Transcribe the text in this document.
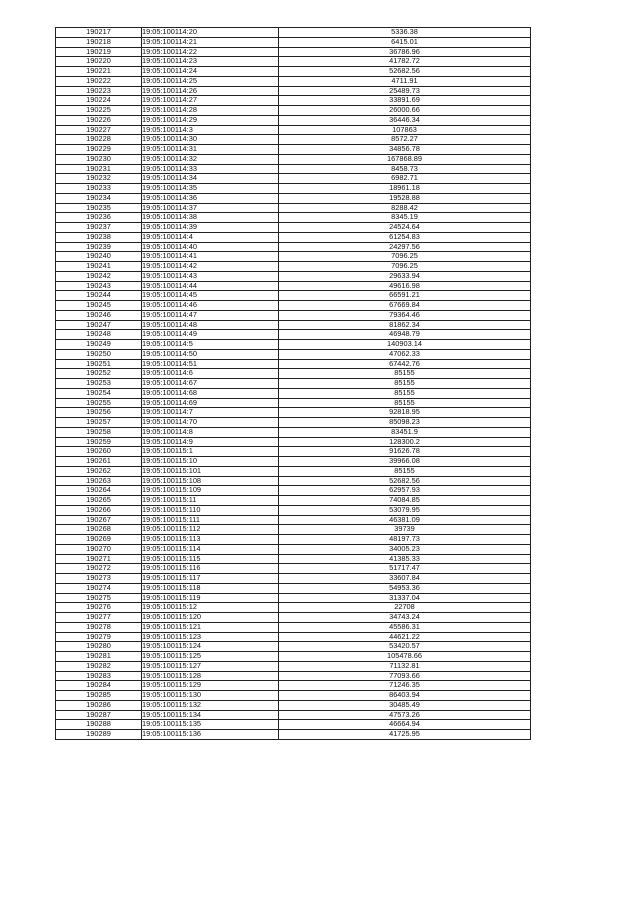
190217	19:05:100114:20	5336.38
190218	19:05:100114:21	6415.01
190219	19:05:100114:22	36786.96
190220	19:05:100114:23	41782.72
190221	19:05:100114:24	52682.56
190222	19:05:100114:25	4711.91
190223	19:05:100114:26	25489.73
190224	19:05:100114:27	33891.69
190225	19:05:100114:28	26000.66
190226	19:05:100114:29	36446.34
190227	19:05:100114:3	107863
190228	19:05:100114:30	8572.27
190229	19:05:100114:31	34856.78
190230	19:05:100114:32	167868.89
190231	19:05:100114:33	8458.73
190232	19:05:100114:34	6982.71
190233	19:05:100114:35	18961.18
190234	19:05:100114:36	19528.88
190235	19:05:100114:37	8288.42
190236	19:05:100114:38	8345.19
190237	19:05:100114:39	24524.64
190238	19:05:100114:4	61254.83
190239	19:05:100114:40	24297.56
190240	19:05:100114:41	7096.25
190241	19:05:100114:42	7096.25
190242	19:05:100114:43	29633.94
190243	19:05:100114:44	49616.98
190244	19:05:100114:45	66591.21
190245	19:05:100114:46	67669.84
190246	19:05:100114:47	79364.46
190247	19:05:100114:48	81862.34
190248	19:05:100114:49	46948.79
190249	19:05:100114:5	140903.14
190250	19:05:100114:50	47062.33
190251	19:05:100114:51	67442.76
190252	19:05:100114:6	85155
190253	19:05:100114:67	85155
190254	19:05:100114:68	85155
190255	19:05:100114:69	85155
190256	19:05:100114:7	92818.95
190257	19:05:100114:70	85098.23
190258	19:05:100114:8	83451.9
190259	19:05:100114:9	128300.2
190260	19:05:100115:1	91626.78
190261	19:05:100115:10	39966.08
190262	19:05:100115:101	85155
190263	19:05:100115:108	52682.56
190264	19:05:100115:109	62957.93
190265	19:05:100115:11	74084.85
190266	19:05:100115:110	53079.95
190267	19:05:100115:111	46381.09
190268	19:05:100115:112	39739
190269	19:05:100115:113	48197.73
190270	19:05:100115:114	34005.23
190271	19:05:100115:115	41385.33
190272	19:05:100115:116	51717.47
190273	19:05:100115:117	33607.84
190274	19:05:100115:118	54953.36
190275	19:05:100115:119	31337.04
190276	19:05:100115:12	22708
190277	19:05:100115:120	34743.24
190278	19:05:100115:121	45586.31
190279	19:05:100115:123	44621.22
190280	19:05:100115:124	53420.57
190281	19:05:100115:125	105478.66
190282	19:05:100115:127	71132.81
190283	19:05:100115:128	77093.66
190284	19:05:100115:129	71246.35
190285	19:05:100115:130	86403.94
190286	19:05:100115:132	30485.49
190287	19:05:100115:134	47573.26
190288	19:05:100115:135	46664.94
190289	19:05:100115:136	41725.95
